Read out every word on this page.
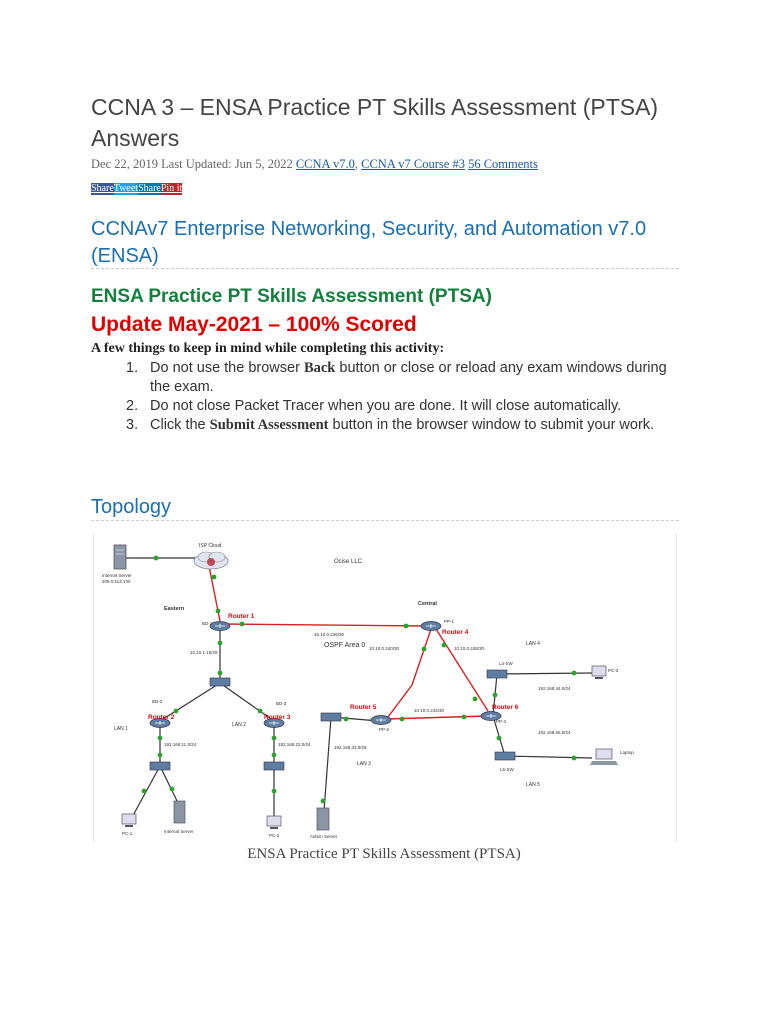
CCNA 3 – ENSA Practice PT Skills Assessment (PTSA) Answers
Dec 22, 2019 Last Updated: Jun 5, 2022 CCNA v7.0, CCNA v7 Course #3 56 Comments
ShareTweetSharePin it
CCNAv7 Enterprise Networking, Security, and Automation v7.0 (ENSA)
ENSA Practice PT Skills Assessment (PTSA)
Update May-2021 – 100% Scored
A few things to keep in mind while completing this activity:
1. Do not use the browser Back button or close or reload any exam windows during the exam.
2. Do not close Packet Tracer when you are done. It will close automatically.
3. Click the Submit Assessment button in the browser window to submit your work.
Topology
Internet Server
209.0.113.100
ISP Cloud
Ocise LLC
Eastern
Central
OSPF Area 0
Router 1
Router 4
Router 2	Router 3
Router 5	Router 6
BD-1	PP-1
BD-2	BD-3
PP-2
PP-3
10.10.0.236/30
10.10.1.16/29
10.10.0.240/30	10.10.0.248/30
10.10.0.244/30
192.168.11.0/24	192.168.22.0/24
192.168.33.0/28
192.168.44.0/24
192.168.55.0/24
LAN 1
LAN 2
LAN 3
LAN 4
LAN 5
L4-SW
L5-SW
PC-1	Internal Server
PC-2	Admin Server
PC-3
Laptop
ENSA Practice PT Skills Assessment (PTSA)
